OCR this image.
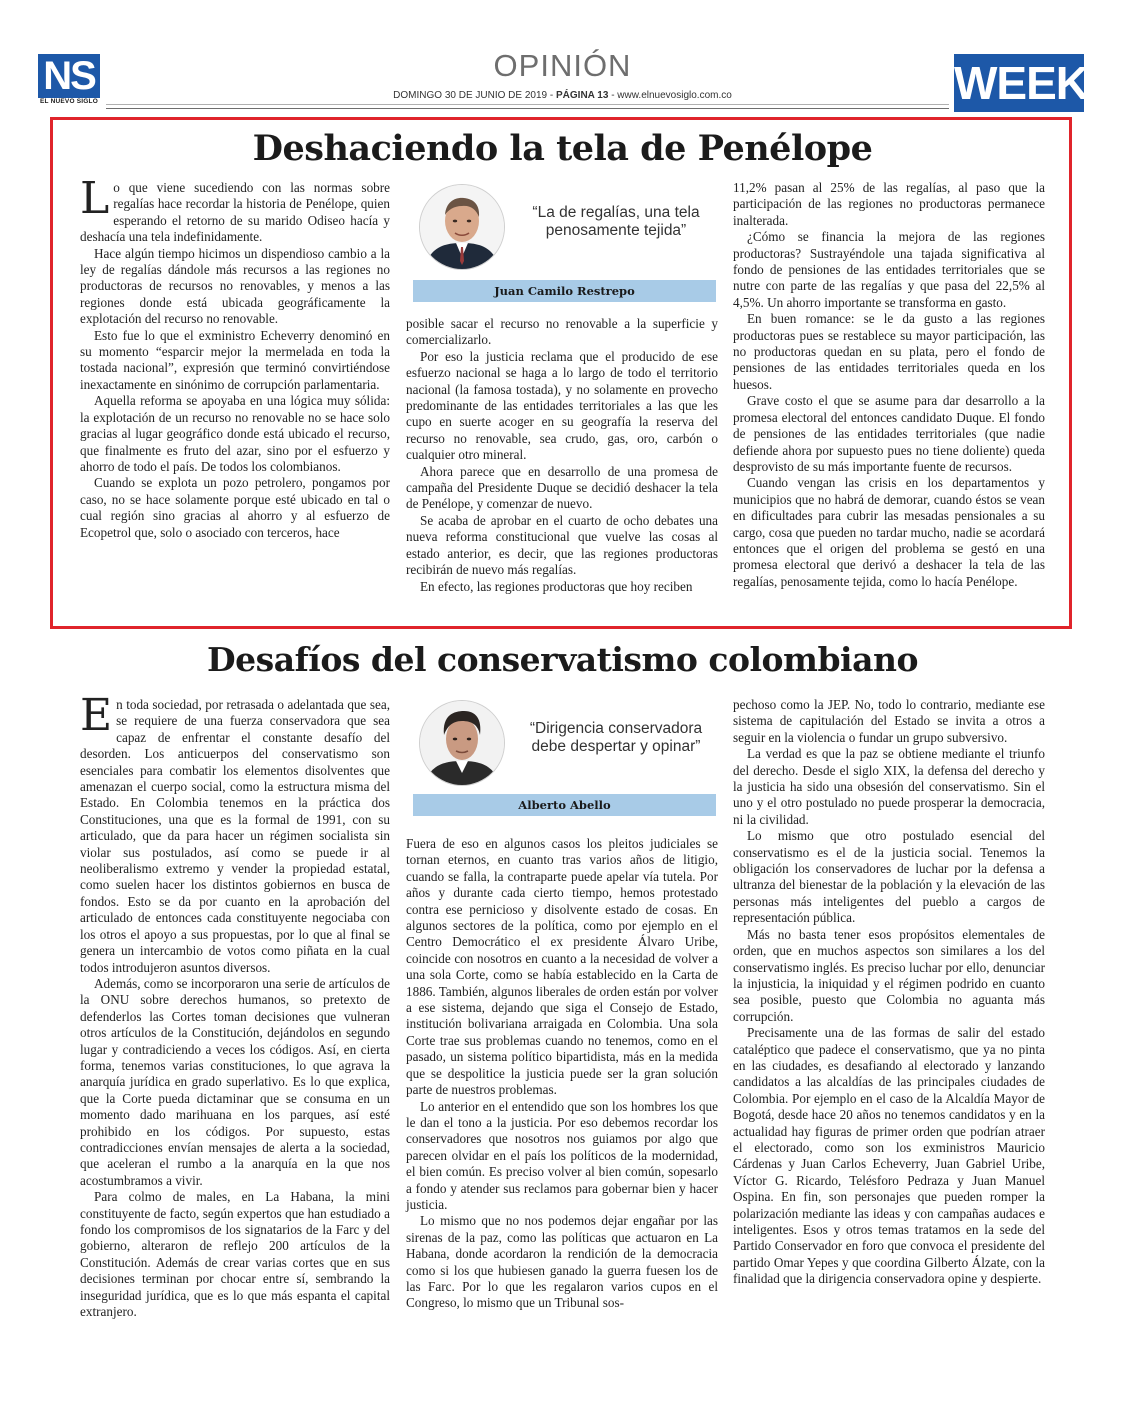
NS
EL NUEVO SIGLO
OPINIÓN
DOMINGO 30 DE JUNIO DE 2019 - PÁGINA 13 - www.elnuevosiglo.com.co	WEEK
Deshaciendo la tela de Penélope

Lo que viene sucediendo con las normas sobre regalías hace recordar la historia de Penélope, quien esperando el retorno de su marido Odiseo hacía y deshacía una tela indefinidamente.

Hace algún tiempo hicimos un dispendioso cambio a la ley de regalías dándole más recursos a las regiones no productoras de recursos no renovables, y menos a las regiones donde está ubicada geográficamente la explotación del recurso no renovable.

Esto fue lo que el exministro Echeverry denominó en su momento “esparcir mejor la mermelada en toda la tostada nacional”, expresión que terminó convirtiéndose inexactamente en sinónimo de corrupción parlamentaria.

Aquella reforma se apoyaba en una lógica muy sólida: la explotación de un recurso no renovable no se hace solo gracias al lugar geográfico donde está ubicado el recurso, que finalmente es fruto del azar, sino por el esfuerzo y ahorro de todo el país. De todos los colombianos.

Cuando se explota un pozo petrolero, pongamos por caso, no se hace solamente porque esté ubicado en tal o cual región sino gracias al ahorro y al esfuerzo de Ecopetrol que, solo o asociado con terceros, hace

“La de regalías, una tela penosamente tejida”
Juan Camilo Restrepo

posible sacar el recurso no renovable a la superficie y comercializarlo.

Por eso la justicia reclama que el producido de ese esfuerzo nacional se haga a lo largo de todo el territorio nacional (la famosa tostada), y no solamente en provecho predominante de las entidades territoriales a las que les cupo en suerte acoger en su geografía la reserva del recurso no renovable, sea crudo, gas, oro, carbón o cualquier otro mineral.

Ahora parece que en desarrollo de una promesa de campaña del Presidente Duque se decidió deshacer la tela de Penélope, y comenzar de nuevo.

Se acaba de aprobar en el cuarto de ocho debates una nueva reforma constitucional que vuelve las cosas al estado anterior, es decir, que las regiones productoras recibirán de nuevo más regalías.

En efecto, las regiones productoras que hoy reciben

11,2% pasan al 25% de las regalías, al paso que la participación de las regiones no productoras permanece inalterada.

¿Cómo se financia la mejora de las regiones productoras? Sustrayéndole una tajada significativa al fondo de pensiones de las entidades territoriales que se nutre con parte de las regalías y que pasa del 22,5% al 4,5%. Un ahorro importante se transforma en gasto.

En buen romance: se le da gusto a las regiones productoras pues se restablece su mayor participación, las no productoras quedan en su plata, pero el fondo de pensiones de las entidades territoriales queda en los huesos.

Grave costo el que se asume para dar desarrollo a la promesa electoral del entonces candidato Duque. El fondo de pensiones de las entidades territoriales (que nadie defiende ahora por supuesto pues no tiene doliente) queda desprovisto de su más importante fuente de recursos.

Cuando vengan las crisis en los departamentos y municipios que no habrá de demorar, cuando éstos se vean en dificultades para cubrir las mesadas pensionales a su cargo, cosa que pueden no tardar mucho, nadie se acordará entonces que el origen del problema se gestó en una promesa electoral que derivó a deshacer la tela de las regalías, penosamente tejida, como lo hacía Penélope.

Desafíos del conservatismo colombiano

En toda sociedad, por retrasada o adelantada que sea, se requiere de una fuerza conservadora que sea capaz de enfrentar el constante desafío del desorden. Los anticuerpos del conservatismo son esenciales para combatir los elementos disolventes que amenazan el cuerpo social, como la estructura misma del Estado. En Colombia tenemos en la práctica dos Constituciones, una que es la formal de 1991, con su articulado, que da para hacer un régimen socialista sin violar sus postulados, así como se puede ir al neoliberalismo extremo y vender la propiedad estatal, como suelen hacer los distintos gobiernos en busca de fondos. Esto se da por cuanto en la aprobación del articulado de entonces cada constituyente negociaba con los otros el apoyo a sus propuestas, por lo que al final se genera un intercambio de votos como piñata en la cual todos introdujeron asuntos diversos.

Además, como se incorporaron una serie de artículos de la ONU sobre derechos humanos, so pretexto de defenderlos las Cortes toman decisiones que vulneran otros artículos de la Constitución, dejándolos en segundo lugar y contradiciendo a veces los códigos. Así, en cierta forma, tenemos varias constituciones, lo que agrava la anarquía jurídica en grado superlativo. Es lo que explica, que la Corte pueda dictaminar que se consuma en un momento dado marihuana en los parques, así esté prohibido en los códigos. Por supuesto, estas contradicciones envían mensajes de alerta a la sociedad, que aceleran el rumbo a la anarquía en la que nos acostumbramos a vivir.

Para colmo de males, en La Habana, la mini constituyente de facto, según expertos que han estudiado a fondo los compromisos de los signatarios de la Farc y del gobierno, alteraron de reflejo 200 artículos de la Constitución. Además de crear varias cortes que en sus decisiones terminan por chocar entre sí, sembrando la inseguridad jurídica, que es lo que más espanta el capital extranjero.

“Dirigencia conservadora debe despertar y opinar”
Alberto Abello

Fuera de eso en algunos casos los pleitos judiciales se tornan eternos, en cuanto tras varios años de litigio, cuando se falla, la contraparte puede apelar vía tutela. Por años y durante cada cierto tiempo, hemos protestado contra ese pernicioso y disolvente estado de cosas. En algunos sectores de la política, como por ejemplo en el Centro Democrático el ex presidente Álvaro Uribe, coincide con nosotros en cuanto a la necesidad de volver a una sola Corte, como se había establecido en la Carta de 1886. También, algunos liberales de orden están por volver a ese sistema, dejando que siga el Consejo de Estado, institución bolivariana arraigada en Colombia. Una sola Corte trae sus problemas cuando no tenemos, como en el pasado, un sistema político bipartidista, más en la medida que se despolitice la justicia puede ser la gran solución parte de nuestros problemas.

Lo anterior en el entendido que son los hombres los que le dan el tono a la justicia. Por eso debemos recordar los conservadores que nosotros nos guiamos por algo que parecen olvidar en el país los políticos de la modernidad, el bien común. Es preciso volver al bien común, sopesarlo a fondo y atender sus reclamos para gobernar bien y hacer justicia.

Lo mismo que no nos podemos dejar engañar por las sirenas de la paz, como las políticas que actuaron en La Habana, donde acordaron la rendición de la democracia como si los que hubiesen ganado la guerra fuesen los de las Farc. Por lo que les regalaron varios cupos en el Congreso, lo mismo que un Tribunal sos-

pechoso como la JEP. No, todo lo contrario, mediante ese sistema de capitulación del Estado se invita a otros a seguir en la violencia o fundar un grupo subversivo.

La verdad es que la paz se obtiene mediante el triunfo del derecho. Desde el siglo XIX, la defensa del derecho y la justicia ha sido una obsesión del conservatismo. Sin el uno y el otro postulado no puede prosperar la democracia, ni la civilidad.

Lo mismo que otro postulado esencial del conservatismo es el de la justicia social. Tenemos la obligación los conservadores de luchar por la defensa a ultranza del bienestar de la población y la elevación de las personas más inteligentes del pueblo a cargos de representación pública.

Más no basta tener esos propósitos elementales de orden, que en muchos aspectos son similares a los del conservatismo inglés. Es preciso luchar por ello, denunciar la injusticia, la iniquidad y el régimen podrido en cuanto sea posible, puesto que Colombia no aguanta más corrupción.

Precisamente una de las formas de salir del estado cataléptico que padece el conservatismo, que ya no pinta en las ciudades, es desafiando al electorado y lanzando candidatos a las alcaldías de las principales ciudades de Colombia. Por ejemplo en el caso de la Alcaldía Mayor de Bogotá, desde hace 20 años no tenemos candidatos y en la actualidad hay figuras de primer orden que podrían atraer el electorado, como son los exministros Mauricio Cárdenas y Juan Carlos Echeverry, Juan Gabriel Uribe, Víctor G. Ricardo, Telésforo Pedraza y Juan Manuel Ospina. En fin, son personajes que pueden romper la polarización mediante las ideas y con campañas audaces e inteligentes. Esos y otros temas tratamos en la sede del Partido Conservador en foro que convoca el presidente del partido Omar Yepes y que coordina Gilberto Álzate, con la finalidad que la dirigencia conservadora opine y despierte.
